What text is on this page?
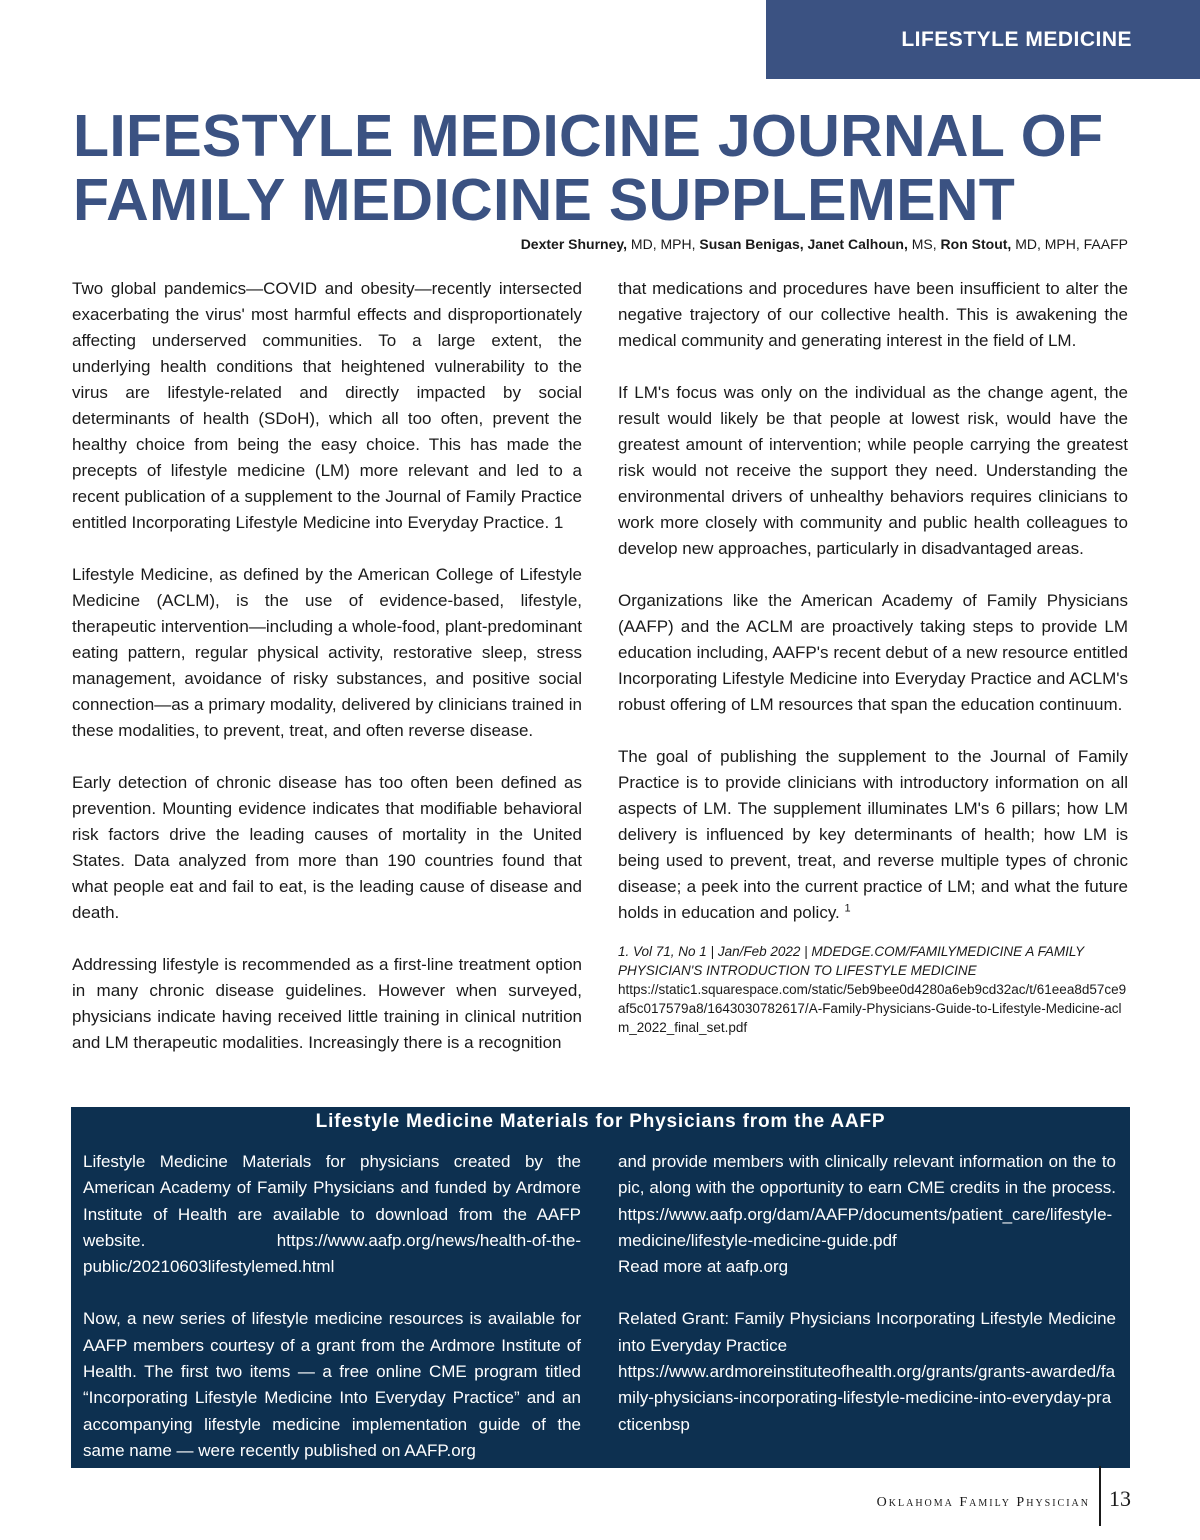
LIFESTYLE MEDICINE
LIFESTYLE MEDICINE JOURNAL OF
FAMILY MEDICINE SUPPLEMENT
Dexter Shurney, MD, MPH, Susan Benigas, Janet Calhoun, MS, Ron Stout, MD, MPH, FAAFP

Two global pandemics—COVID and obesity—recently intersected exacerbating the virus' most harmful effects and disproportionately affecting underserved communities. To a large extent, the underlying health conditions that heightened vulnerability to the virus are lifestyle-related and directly impacted by social determinants of health (SDoH), which all too often, prevent the healthy choice from being the easy choice. This has made the precepts of lifestyle medicine (LM) more relevant and led to a recent publication of a supplement to the Journal of Family Practice entitled Incorporating Lifestyle Medicine into Everyday Practice. 1

Lifestyle Medicine, as defined by the American College of Lifestyle Medicine (ACLM), is the use of evidence-based, lifestyle, therapeutic intervention—including a whole-food, plant-predominant eating pattern, regular physical activity, restorative sleep, stress management, avoidance of risky substances, and positive social connection—as a primary modality, delivered by clinicians trained in these modalities, to prevent, treat, and often reverse disease.

Early detection of chronic disease has too often been defined as prevention. Mounting evidence indicates that modifiable behavioral risk factors drive the leading causes of mortality in the United States. Data analyzed from more than 190 countries found that what people eat and fail to eat, is the leading cause of disease and death.

Addressing lifestyle is recommended as a first-line treatment option in many chronic disease guidelines. However when surveyed, physicians indicate having received little training in clinical nutrition and LM therapeutic modalities. Increasingly there is a recognition

that medications and procedures have been insufficient to alter the negative trajectory of our collective health. This is awakening the medical community and generating interest in the field of LM.

If LM's focus was only on the individual as the change agent, the result would likely be that people at lowest risk, would have the greatest amount of intervention; while people carrying the greatest risk would not receive the support they need. Understanding the environmental drivers of unhealthy behaviors requires clinicians to work more closely with community and public health colleagues to develop new approaches, particularly in disadvantaged areas.

Organizations like the American Academy of Family Physicians (AAFP) and the ACLM are proactively taking steps to provide LM education including, AAFP's recent debut of a new resource entitled Incorporating Lifestyle Medicine into Everyday Practice and ACLM's robust offering of LM resources that span the education continuum.

The goal of publishing the supplement to the Journal of Family Practice is to provide clinicians with introductory information on all aspects of LM. The supplement illuminates LM's 6 pillars; how LM delivery is influenced by key determinants of health; how LM is being used to prevent, treat, and reverse multiple types of chronic disease; a peek into the current practice of LM; and what the future holds in education and policy. $^1$

1. Vol 71, No 1 | Jan/Feb 2022 | MDEDGE.COM/FAMILYMEDICINE A FAMILY PHYSICIAN'S INTRODUCTION TO LIFESTYLE MEDICINE
https://static1.squarespace.com/static/5eb9bee0d4280a6eb9cd32ac/t/61eea8d57ce9af5c017579a8/1643030782617/A-Family-Physicians-Guide-to-Lifestyle-Medicine-aclm_2022_final_set.pdf
Lifestyle Medicine Materials for Physicians from the AAFP

Lifestyle Medicine Materials for physicians created by the American Academy of Family Physicians and funded by Ardmore Institute of Health are available to download from the AAFP website. https://www.aafp.org/news/health-of-the-public/20210603lifestylemed.html

Now, a new series of lifestyle medicine resources is available for AAFP members courtesy of a grant from the Ardmore Institute of Health. The first two items — a free online CME program titled “Incorporating Lifestyle Medicine Into Everyday Practice” and an accompanying lifestyle medicine implementation guide of the same name — were recently published on AAFP.org

and provide members with clinically relevant information on the topic, along with the opportunity to earn CME credits in the process. https://www.aafp.org/dam/AAFP/documents/patient_care/lifestyle-medicine/lifestyle-medicine-guide.pdf

Read more at aafp.org

Related Grant: Family Physicians Incorporating Lifestyle Medicine into Everyday Practice

https://www.ardmoreinstituteofhealth.org/grants/grants-awarded/family-physicians-incorporating-lifestyle-medicine-into-everyday-practicenbsp

Oklahoma Family Physician 13
